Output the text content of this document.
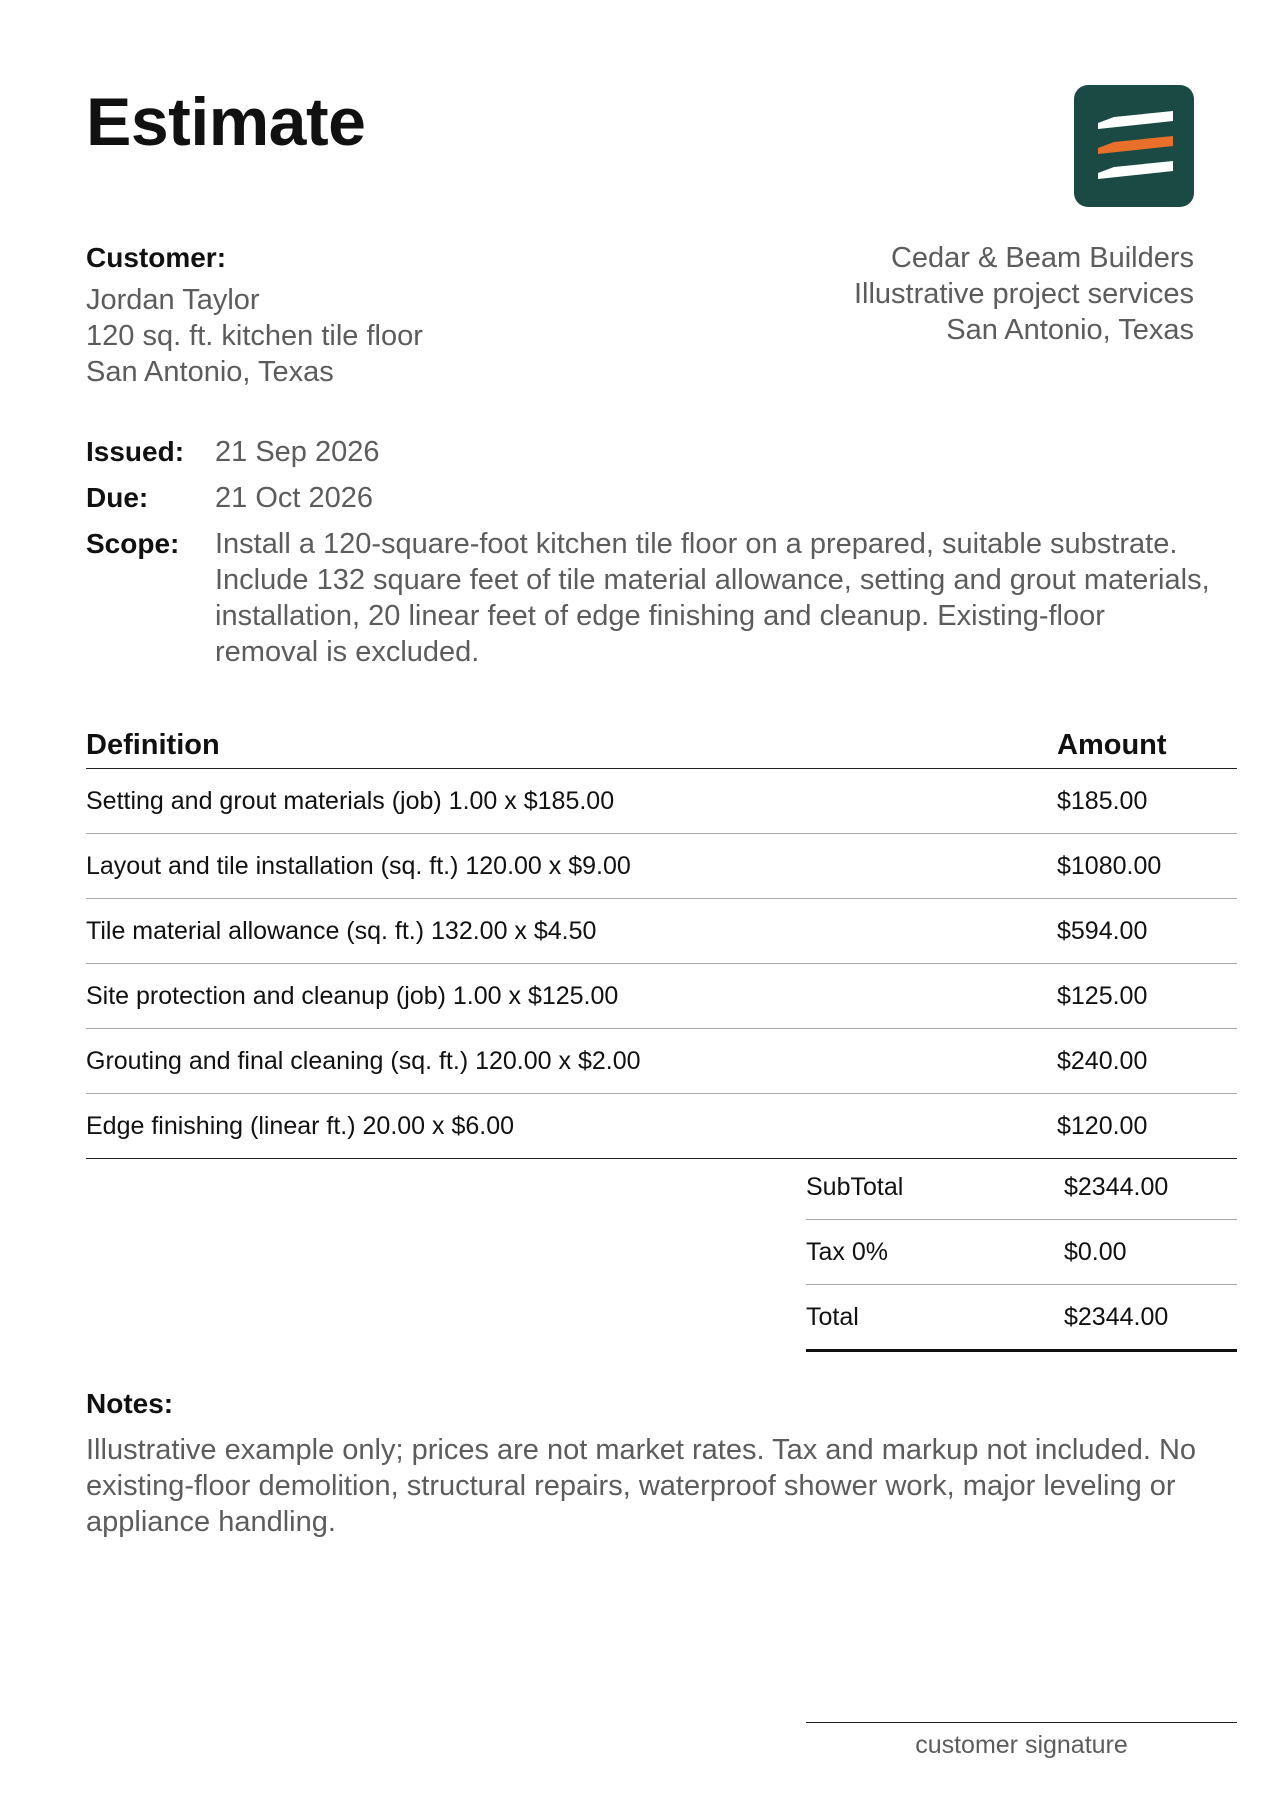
Estimate
Customer:
Jordan Taylor
120 sq. ft. kitchen tile floor
San Antonio, Texas
Cedar & Beam Builders
Illustrative project services
San Antonio, Texas
Issued:	21 Sep 2026
Due:	21 Oct 2026
Scope:	Install a 120-square-foot kitchen tile floor on a prepared, suitable substrate. Include 132 square feet of tile material allowance, setting and grout materials, installation, 20 linear feet of edge finishing and cleanup. Existing-floor removal is excluded.
Definition	Amount
Setting and grout materials (job) 1.00 x $185.00	$185.00
Layout and tile installation (sq. ft.) 120.00 x $9.00	$1080.00
Tile material allowance (sq. ft.) 132.00 x $4.50	$594.00
Site protection and cleanup (job) 1.00 x $125.00	$125.00
Grouting and final cleaning (sq. ft.) 120.00 x $2.00	$240.00
Edge finishing (linear ft.) 20.00 x $6.00	$120.00
SubTotal	$2344.00
Tax 0%	$0.00
Total	$2344.00
Notes:
Illustrative example only; prices are not market rates. Tax and markup not included. No existing-floor demolition, structural repairs, waterproof shower work, major leveling or appliance handling.
customer signature
